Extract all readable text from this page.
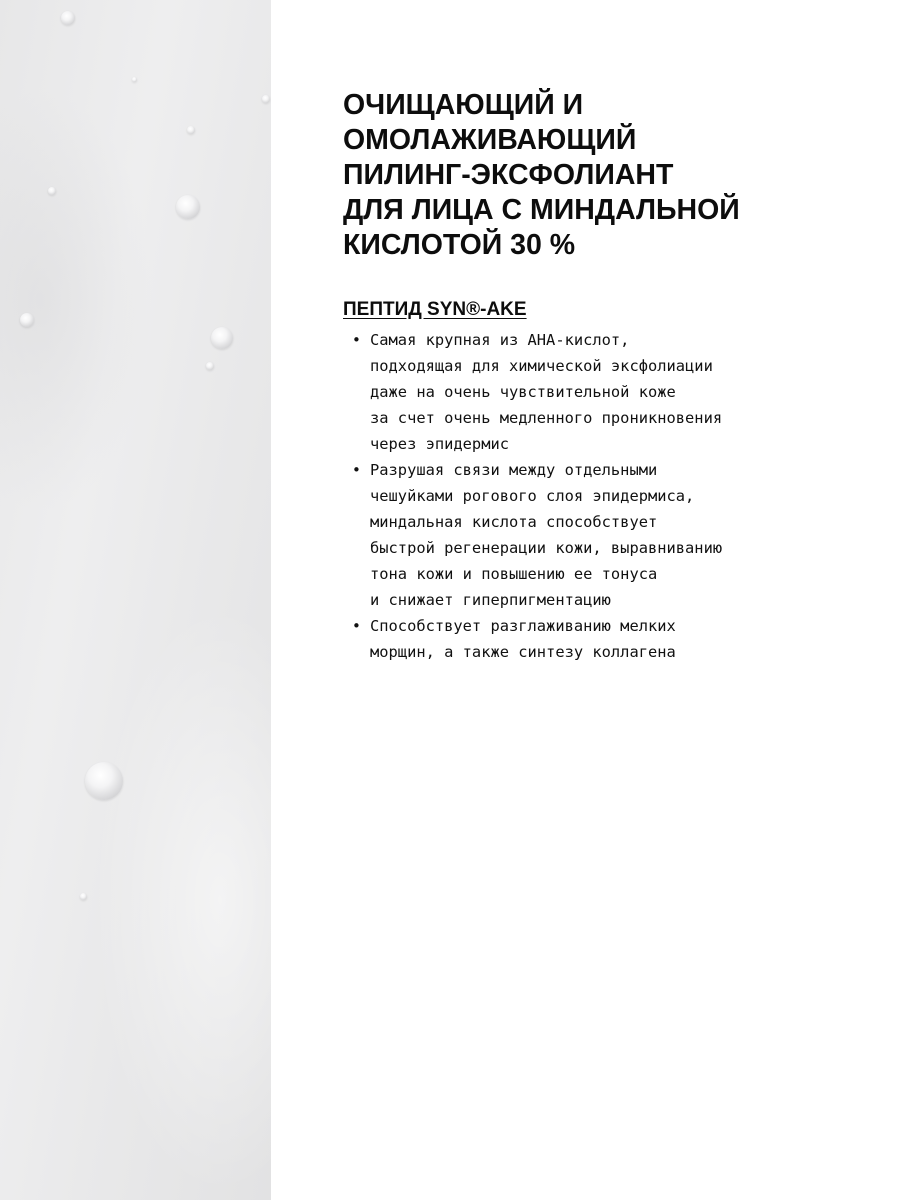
ОЧИЩАЮЩИЙ И
ОМОЛАЖИВАЮЩИЙ
ПИЛИНГ-ЭКСФОЛИАНТ
ДЛЯ ЛИЦА С МИНДАЛЬНОЙ
КИСЛОТОЙ 30 %
ПЕПТИД SYN®-AKE
• Самая крупная из АНА-кислот,
подходящая для химической эксфолиации
даже на очень чувствительной коже
за счет очень медленного проникновения
через эпидермис
• Разрушая связи между отдельными
чешуйками рогового слоя эпидермиса,
миндальная кислота способствует
быстрой регенерации кожи, выравниванию
тона кожи и повышению ее тонуса
и снижает гиперпигментацию
• Способствует разглаживанию мелких
морщин, а также синтезу коллагена
